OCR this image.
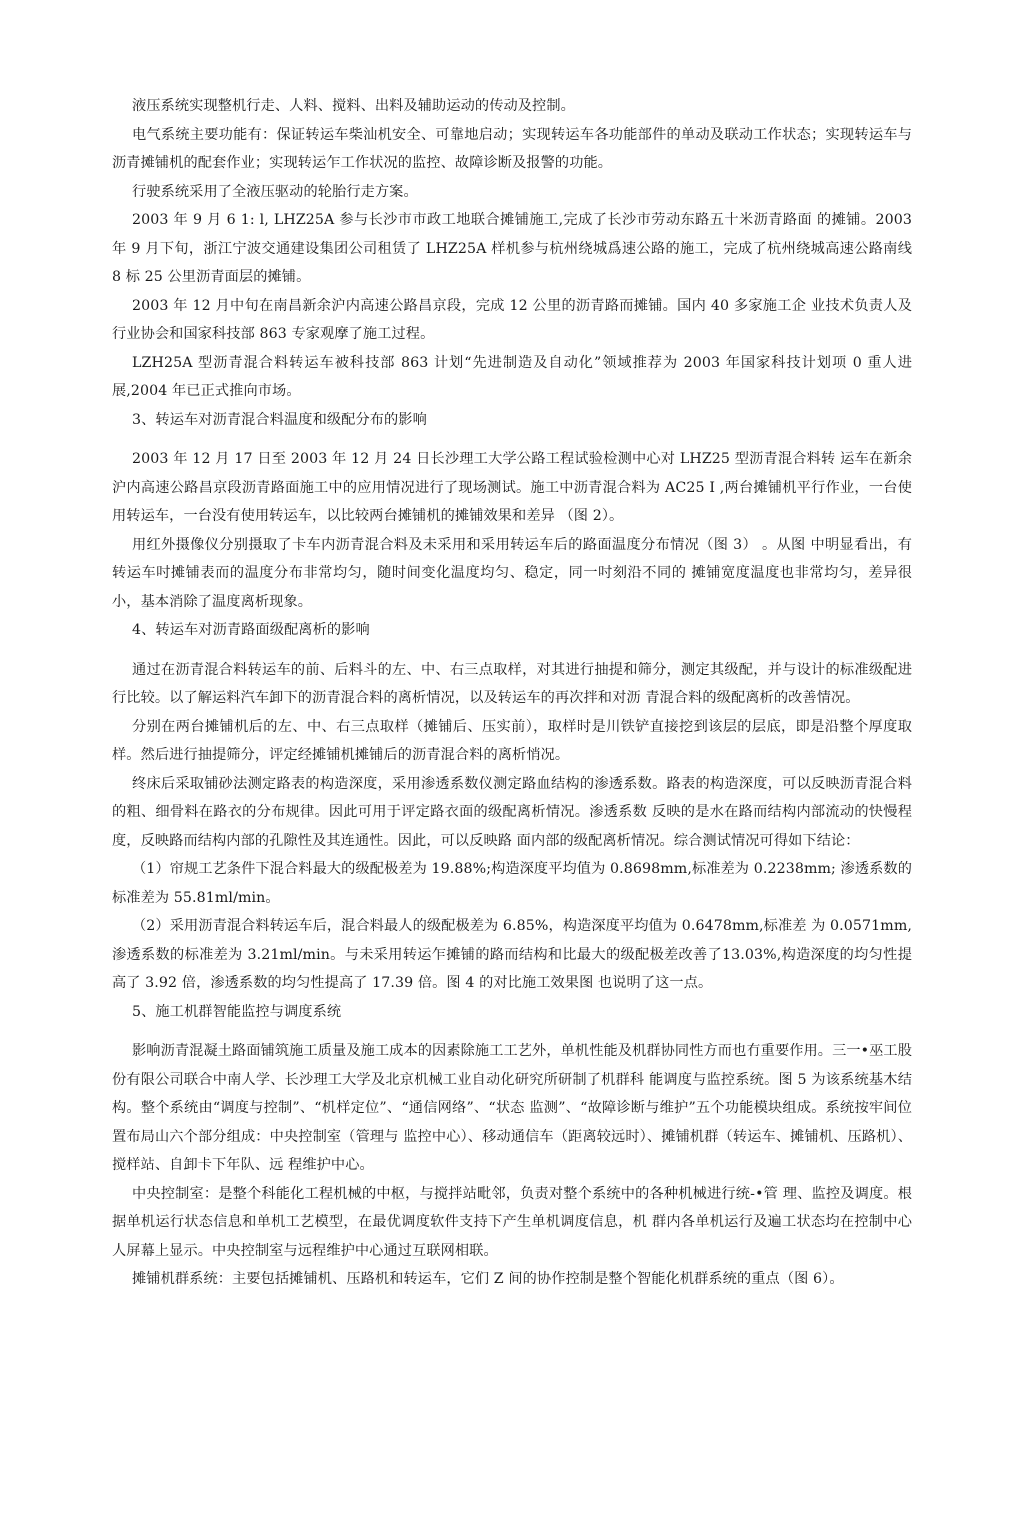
液压系统实现整机行走、人料、搅料、出料及辅助运动的传动及控制。

电气系统主要功能有：保证转运车柴汕机安全、可靠地启动；实现转运车各功能部件的单动及联动工作状态；实现转运车与沥青摊铺机的配套作业；实现转运乍工作状况的监控、故障诊断及报警的功能。

行驶系统采用了全液压驱动的轮胎行走方案。

2003 年 9 月 6 1: l, LHZ25A 参与长沙市市政工地联合摊铺施工,完成了长沙市劳动东路五十米沥青路面 的摊铺。2003 年 9 月下旬，浙江宁波交通建设集团公司租赁了 LHZ25A 样机参与杭州绕城爲速公路的施工，完成了杭州绕城高速公路南线 8 标 25 公里沥青面层的摊铺。

2003 年 12 月中旬在南昌新余沪内高速公路昌京段，完成 12 公里的沥青路而摊铺。国内 40 多家施工企 业技术负责人及行业协会和国家科技部 863 专家观摩了施工过程。

LZH25A 型沥青混合料转运车被科技部 863 计划“先进制造及自动化”领域推荐为 2003 年国家科技计划项 0 重人进展,2004 年已正式推向市场。

3、转运车对沥青混合料温度和级配分布的影响

2003 年 12 月 17 日至 2003 年 12 月 24 日长沙理工大学公路工程试验检测中心对 LHZ25 型沥青混合料转 运车在新余沪内高速公路昌京段沥青路面施工中的应用情况进行了现场测试。施工中沥青混合料为 AC25 I ,两台摊铺机平行作业，一台使用转运车，一台没有使用转运车，以比较两台摊铺机的摊铺效果和差异 （图 2）。

用红外摄像仪分别摄取了卡车内沥青混合料及未采用和采用转运车后的路面温度分布情况（图 3） 。从图 中明显看出，有转运车吋摊铺表而的温度分布非常均匀，随时间变化温度均匀、稳定，同一吋刻沿不同的 摊铺宽度温度也非常均匀，差异很小，基本消除了温度离析现象。

4、转运车对沥青路面级配离析的影响

通过在沥青混合料转运车的前、后料斗的左、中、右三点取样，对其进行抽提和筛分，测定其级配，并与设计的标准级配进行比较。以了解运料汽车卸下的沥青混合料的离析情况，以及转运车的再次拌和对沥 青混合料的级配离析的改善情况。

分别在两台摊铺机后的左、中、右三点取样（摊铺后、压实前），取样时是川铁铲直接挖到该层的层底，即是沿整个厚度取样。然后进行抽提筛分，评定经摊铺机摊铺后的沥青混合料的离析悄况。

终床后采取铺砂法测定路表的构造深度，采用渗透系数仪测定路血结构的渗透系数。路表的构造深度，可以反映沥青混合料的粗、细骨料在路衣的分布规律。因此可用于评定路衣面的级配离析情况。渗透系数 反映的是水在路而结构内部流动的快慢程度，反映路而结构内部的孔隙性及其连通性。因此，可以反映路 面内部的级配离析情况。综合测试情况可得如下结论：

（1）帘规工艺条件下混合料最大的级配极差为 19.88%;构造深度平均值为 0.8698mm,标准差为 0.2238mm; 渗透系数的标准差为 55.81ml/min。

（2）采用沥青混合料转运车后，混合料最人的级配极差为 6.85%，构造深度平均值为 0.6478mm,标准差 为 0.0571mm,渗透系数的标准差为 3.21ml/min。与未采用转运乍摊铺的路而结构和比最大的级配极差改善了13.03%,构造深度的均匀性提高了 3.92 倍，渗透系数的均匀性提高了 17.39 倍。图 4 的对比施工效果图 也说明了这一点。

5、施工机群智能监控与调度系统

影响沥青混凝土路面铺筑施工质量及施工成本的因素除施工工艺外，单机性能及机群协同性方而也冇重要作用。三一•巫工股份有限公司联合中南人学、长沙理工大学及北京机械工业自动化研究所研制了机群科 能调度与监控系统。图 5 为该系统基木结构。整个系统由“调度与控制”、“机样定位”、“通信网络”、“状态 监测”、“故障诊断与维护”五个功能模块组成。系统按牢间位置布局山六个部分组成：中央控制室（管理与 监控中心）、移动通信车（距离较远时）、摊铺机群（转运车、摊铺机、压路机）、搅样站、自卸卡下年队、远 程维护中心。

中央控制室：是整个科能化工程机械的中枢，与搅拌站毗邻，负责对整个系统中的各种机械进行统-•管 理、监控及调度。根据单机运行状态信息和单机工艺模型，在最优调度软件支持下产生单机调度信息，机 群内各单机运行及遍工状态均在控制中心人屏幕上显示。中央控制室与远程维护中心通过互联网相联。

摊铺机群系统：主要包括摊铺机、压路机和转运车，它们 Z 间的协作控制是整个智能化机群系统的重点（图 6）。
